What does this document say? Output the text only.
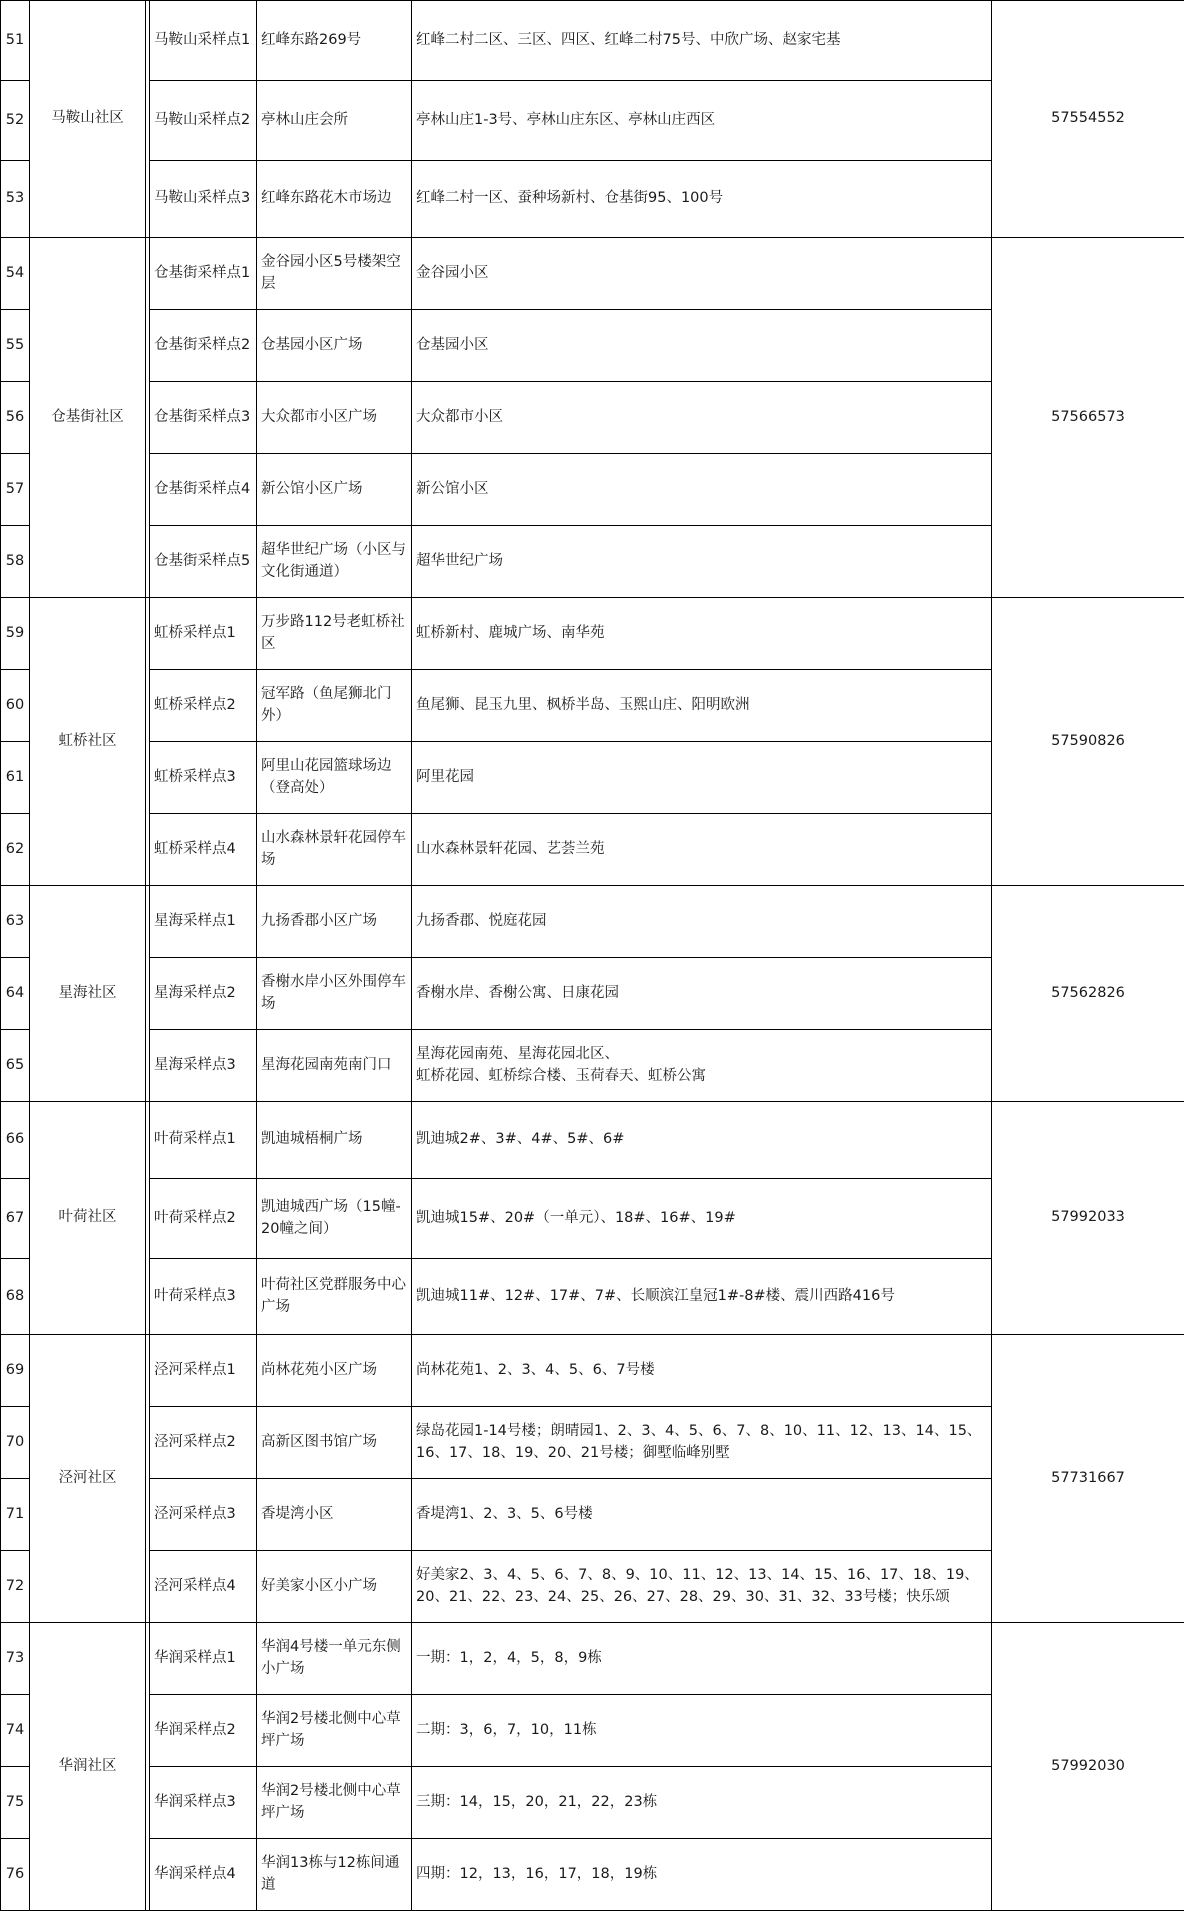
51	马鞍山社区		马鞍山采样点1	红峰东路269号	红峰二村二区、三区、四区、红峰二村75号、中欣广场、赵家宅基	57554552
52			马鞍山采样点2	亭林山庄会所	亭林山庄1-3号、亭林山庄东区、亭林山庄西区	
53			马鞍山采样点3	红峰东路花木市场边	红峰二村一区、蚕种场新村、仓基街95、100号	
54	仓基街社区		仓基街采样点1	金谷园小区5号楼架空层	金谷园小区	57566573
55			仓基街采样点2	仓基园小区广场	仓基园小区	
56			仓基街采样点3	大众都市小区广场	大众都市小区	
57			仓基街采样点4	新公馆小区广场	新公馆小区	
58			仓基街采样点5	超华世纪广场（小区与文化街通道）	超华世纪广场	
59	虹桥社区		虹桥采样点1	万步路112号老虹桥社区	虹桥新村、鹿城广场、南华苑	57590826
60			虹桥采样点2	冠军路（鱼尾狮北门外）	鱼尾狮、昆玉九里、枫桥半岛、玉熙山庄、阳明欧洲	
61			虹桥采样点3	阿里山花园篮球场边（登高处）	阿里花园	
62			虹桥采样点4	山水森林景轩花园停车场	山水森林景轩花园、艺荟兰苑	
63	星海社区		星海采样点1	九扬香郡小区广场	九扬香郡、悦庭花园	57562826
64			星海采样点2	香榭水岸小区外围停车场	香榭水岸、香榭公寓、日康花园	
65			星海采样点3	星海花园南苑南门口	星海花园南苑、星海花园北区、
虹桥花园、虹桥综合楼、玉荷春天、虹桥公寓	

66	叶荷社区		叶荷采样点1	凯迪城梧桐广场	凯迪城2#、3#、4#、5#、6#	57992033
67			叶荷采样点2	凯迪城西广场（15幢-20幢之间）	凯迪城15#、20#（一单元）、18#、16#、19#	
68			叶荷采样点3	叶荷社区党群服务中心广场	凯迪城11#、12#、17#、7#、长顺滨江皇冠1#-8#楼、震川西路416号	
69	泾河社区		泾河采样点1	尚林花苑小区广场	尚林花苑1、2、3、4、5、6、7号楼	57731667
70			泾河采样点2	高新区图书馆广场	绿岛花园1-14号楼；朗晴园1、2、3、4、5、6、7、8、10、11、12、13、14、15、16、17、18、19、20、21号楼；御墅临峰别墅	
71			泾河采样点3	香堤湾小区	香堤湾1、2、3、5、6号楼	
72			泾河采样点4	好美家小区小广场	好美家2、3、4、5、6、7、8、9、10、11、12、13、14、15、16、17、18、19、20、21、22、23、24、25、26、27、28、29、30、31、32、33号楼；快乐颂	
73	华润社区		华润采样点1	华润4号楼一单元东侧小广场	一期：1，2，4，5，8，9栋	57992030
74			华润采样点2	华润2号楼北侧中心草坪广场	二期：3，6，7，10，11栋	
75			华润采样点3	华润2号楼北侧中心草坪广场	三期：14，15，20，21，22，23栋	
76			华润采样点4	华润13栋与12栋间通道	四期：12，13，16，17，18，19栋	
